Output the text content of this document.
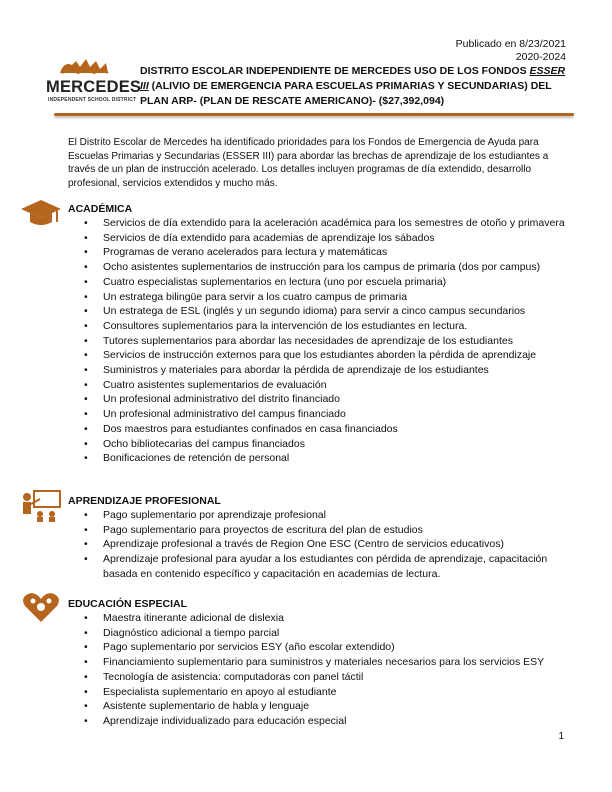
Publicado en 8/23/2021
2020-2024
MERCEDES
INDEPENDENT SCHOOL DISTRICT
DISTRITO ESCOLAR INDEPENDIENTE DE MERCEDES USO DE LOS FONDOS ESSER III (ALIVIO DE EMERGENCIA PARA ESCUELAS PRIMARIAS Y SECUNDARIAS) DEL PLAN ARP- (PLAN DE RESCATE AMERICANO)- ($27,392,094)
El Distrito Escolar de Mercedes ha identificado prioridades para los Fondos de Emergencia de Ayuda para Escuelas Primarias y Secundarias (ESSER III) para abordar las brechas de aprendizaje de los estudiantes a través de un plan de instrucción acelerado. Los detalles incluyen programas de día extendido, desarrollo profesional, servicios extendidos y mucho más.
ACADÉMICA
• Servicios de día extendido para la aceleración académica para los semestres de otoño y primavera
• Servicios de día extendido para academias de aprendizaje los sábados
• Programas de verano acelerados para lectura y matemáticas
• Ocho asistentes suplementarios de instrucción para los campus de primaria (dos por campus)
• Cuatro especialistas suplementarios en lectura (uno por escuela primaria)
• Un estratega bilingüe para servir a los cuatro campus de primaria
• Un estratega de ESL (inglés y un segundo idioma) para servir a cinco campus secundarios
• Consultores suplementarios para la intervención de los estudiantes en lectura.
• Tutores suplementarios para abordar las necesidades de aprendizaje de los estudiantes
• Servicios de instrucción externos para que los estudiantes aborden la pérdida de aprendizaje
• Suministros y materiales para abordar la pérdida de aprendizaje de los estudiantes
• Cuatro asistentes suplementarios de evaluación
• Un profesional administrativo del distrito financiado
• Un profesional administrativo del campus financiado
• Dos maestros para estudiantes confinados en casa financiados
• Ocho bibliotecarias del campus financiados
• Bonificaciones de retención de personal
APRENDIZAJE PROFESIONAL
• Pago suplementario por aprendizaje profesional
• Pago suplementario para proyectos de escritura del plan de estudios
• Aprendizaje profesional a través de Region One ESC (Centro de servicios educativos)
• Aprendizaje profesional para ayudar a los estudiantes con pérdida de aprendizaje, capacitación basada en contenido específico y capacitación en academias de lectura.
EDUCACIÓN ESPECIAL
• Maestra itinerante adicional de dislexia
• Diagnóstico adicional a tiempo parcial
• Pago suplementario por servicios ESY (año escolar extendido)
• Financiamiento suplementario para suministros y materiales necesarios para los servicios ESY
• Tecnología de asistencia: computadoras con panel táctil
• Especialista suplementario en apoyo al estudiante
• Asistente suplementario de habla y lenguaje
• Aprendizaje individualizado para educación especial
1
